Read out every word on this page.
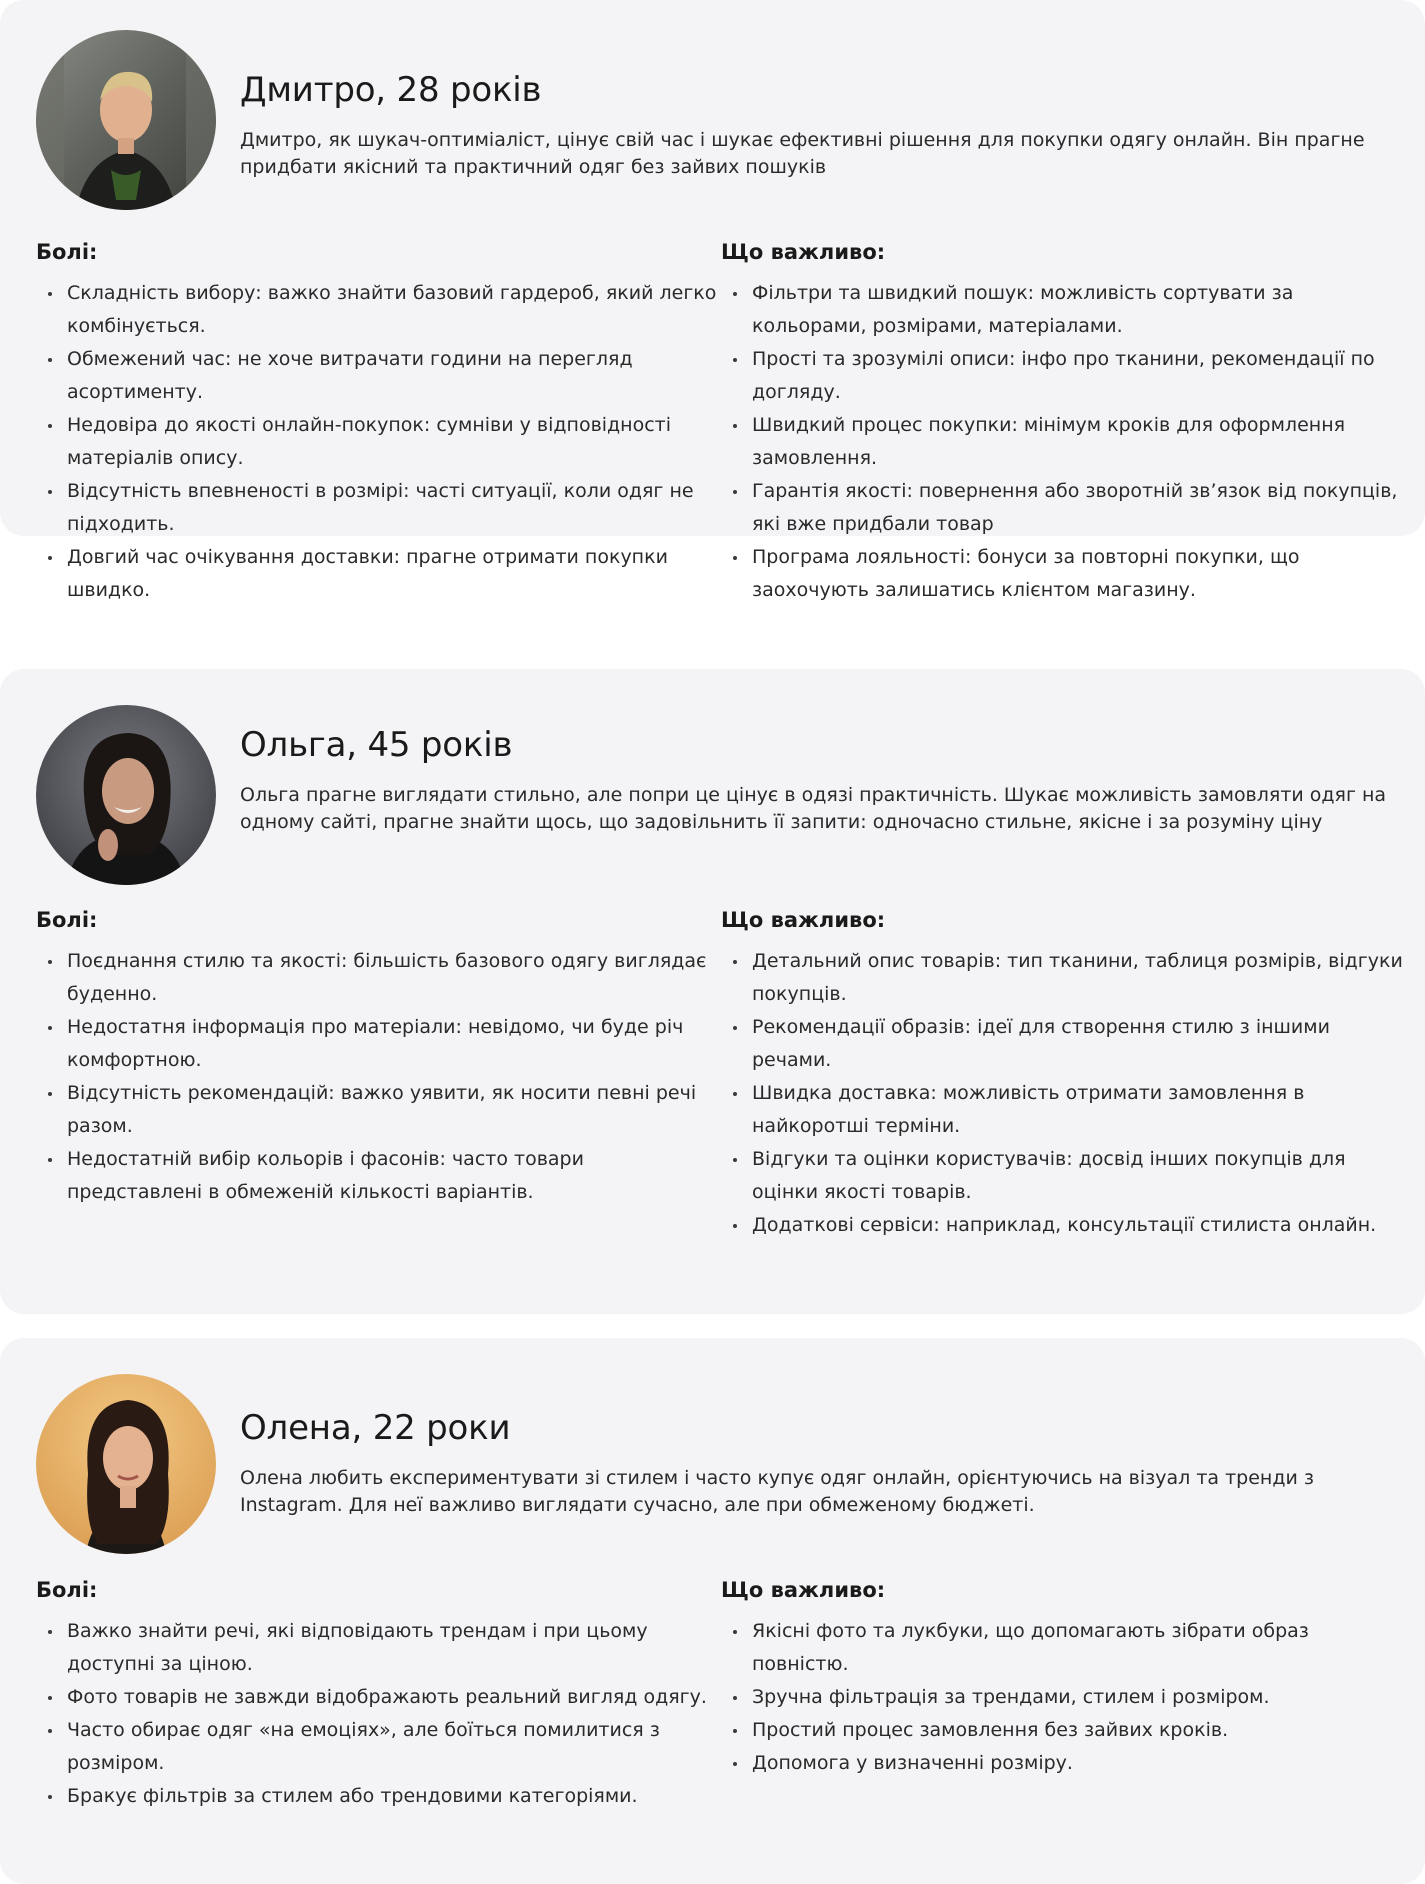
Дмитро, 28 років

Дмитро, як шукач-оптиміаліст, цінує свій час і шукає ефективні рішення для покупки одягу онлайн. Він прагне придбати якісний та практичний одяг без зайвих пошуків

Болі:	Що важливо:
Складність вибору: важко знайти базовий гардероб, який легко комбінується.
Обмежений час: не хоче витрачати години на перегляд асортименту.
Недовіра до якості онлайн-покупок: сумніви у відповідності матеріалів опису.
Відсутність впевненості в розмірі: часті ситуації, коли одяг не підходить.
Довгий час очікування доставки: прагне отримати покупки швидко.
Фільтри та швидкий пошук: можливість сортувати за кольорами, розмірами, матеріалами.
Прості та зрозумілі описи: інфо про тканини, рекомендації по догляду.
Швидкий процес покупки: мінімум кроків для оформлення замовлення.
Гарантія якості: повернення або зворотній зв’язок від покупців, які вже придбали товар
Програма лояльності: бонуси за повторні покупки, що заохочують залишатись клієнтом магазину.
Ольга, 45 років

Ольга прагне виглядати стильно, але попри це цінує в одязі практичність. Шукає можливість замовляти одяг на одному сайті, прагне знайти щось, що задовільнить її запити: одночасно стильне, якісне і за розуміну ціну

Болі:	Що важливо:
Поєднання стилю та якості: більшість базового одягу виглядає буденно.
Недостатня інформація про матеріали: невідомо, чи буде річ комфортною.
Відсутність рекомендацій: важко уявити, як носити певні речі разом.
Недостатній вибір кольорів і фасонів: часто товари представлені в обмеженій кількості варіантів.
Детальний опис товарів: тип тканини, таблиця розмірів, відгуки покупців.
Рекомендації образів: ідеї для створення стилю з іншими речами.
Швидка доставка: можливість отримати замовлення в найкоротші терміни.
Відгуки та оцінки користувачів: досвід інших покупців для оцінки якості товарів.
Додаткові сервіси: наприклад, консультації стилиста онлайн.
Олена, 22 роки

Олена любить експериментувати зі стилем і часто купує одяг онлайн, орієнтуючись на візуал та тренди з Instagram. Для неї важливо виглядати сучасно, але при обмеженому бюджеті.

Болі:	Що важливо:
Важко знайти речі, які відповідають трендам і при цьому доступні за ціною.
Фото товарів не завжди відображають реальний вигляд одягу.
Часто обирає одяг «на емоціях», але боїться помилитися з розміром.
Бракує фільтрів за стилем або трендовими категоріями.
Якісні фото та лукбуки, що допомагають зібрати образ повністю.
Зручна фільтрація за трендами, стилем і розміром.
Простий процес замовлення без зайвих кроків.
Допомога у визначенні розміру.
